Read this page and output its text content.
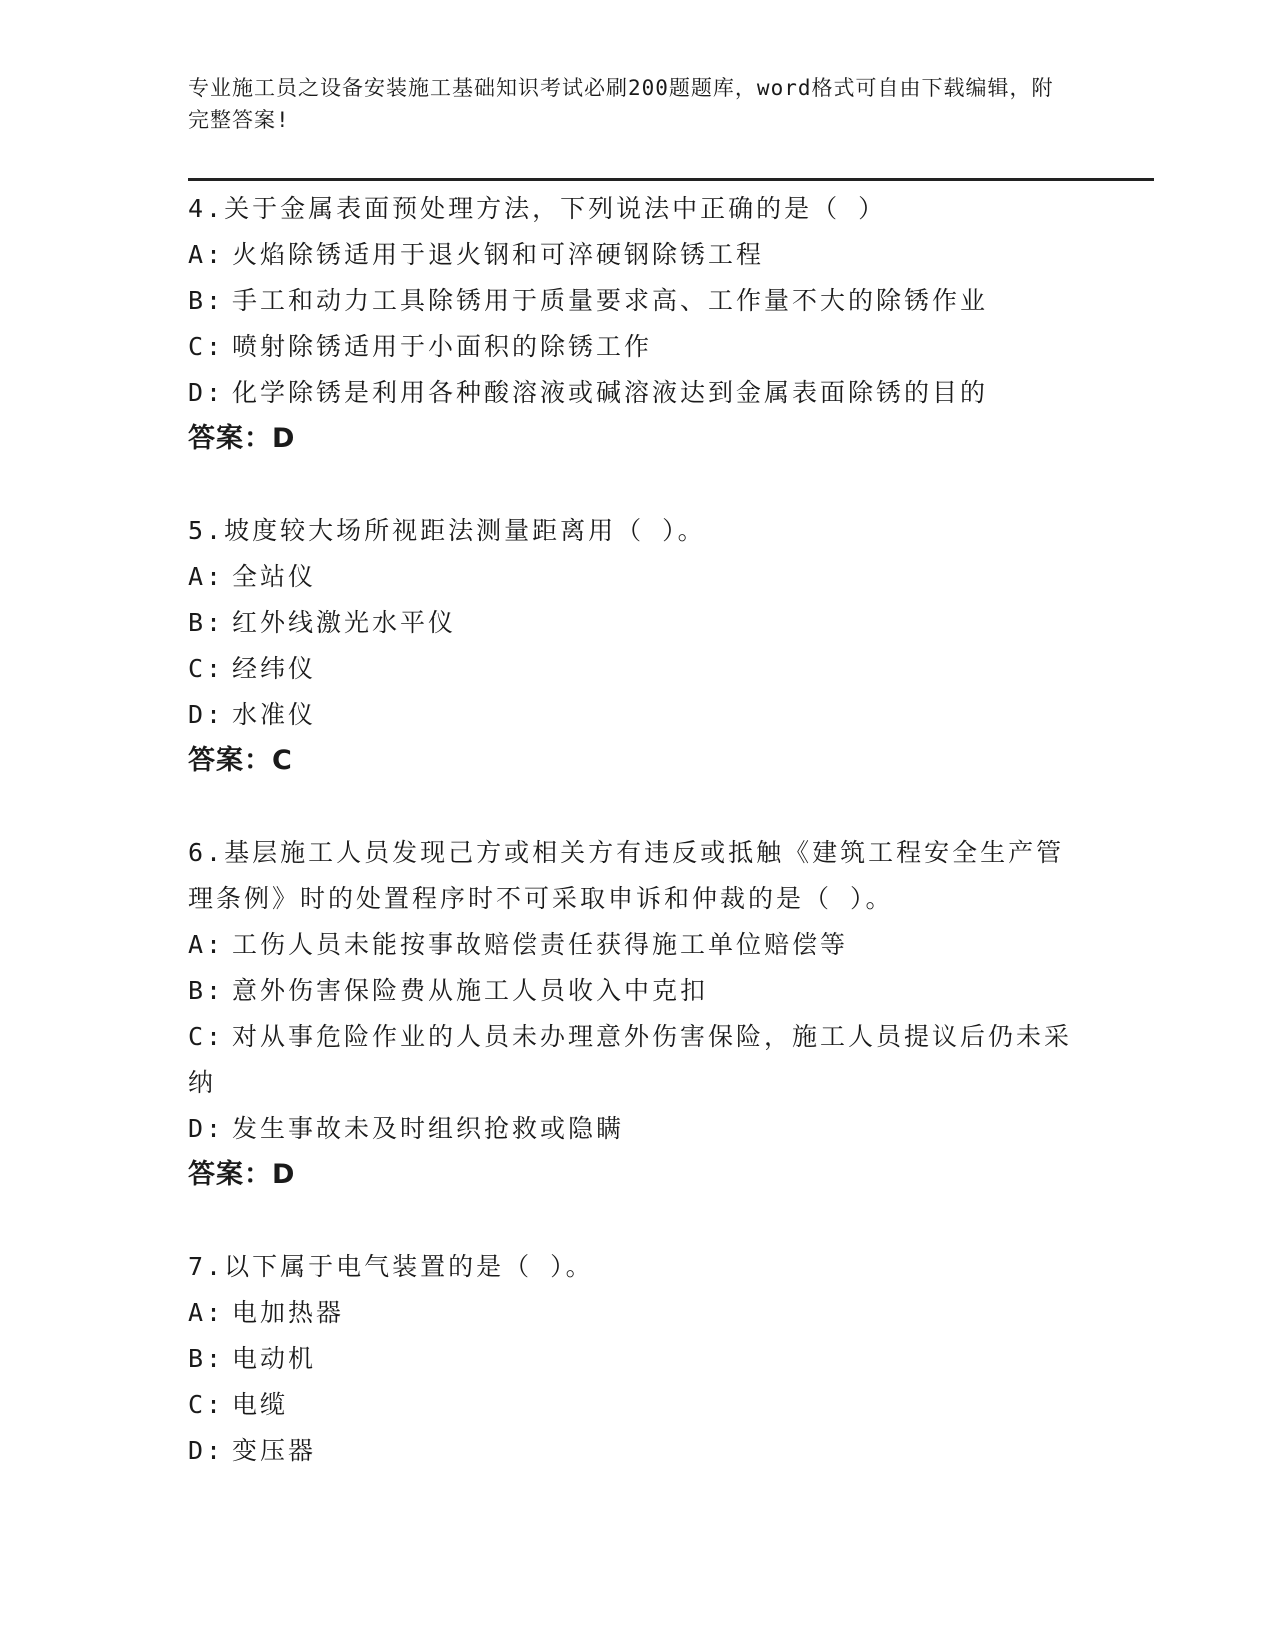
专业施工员之设备安装施工基础知识考试必刷200题题库，word格式可自由下载编辑，附完整答案!
4.关于金属表面预处理方法，下列说法中正确的是（ ）
A: 火焰除锈适用于退火钢和可淬硬钢除锈工程
B: 手工和动力工具除锈用于质量要求高、工作量不大的除锈作业
C: 喷射除锈适用于小面积的除锈工作
D: 化学除锈是利用各种酸溶液或碱溶液达到金属表面除锈的目的
答案：D
5.坡度较大场所视距法测量距离用（ ）。
A: 全站仪
B: 红外线激光水平仪
C: 经纬仪
D: 水准仪
答案：C
6.基层施工人员发现己方或相关方有违反或抵触《建筑工程安全生产管理条例》时的处置程序时不可采取申诉和仲裁的是（ ）。
A: 工伤人员未能按事故赔偿责任获得施工单位赔偿等
B: 意外伤害保险费从施工人员收入中克扣
C: 对从事危险作业的人员未办理意外伤害保险，施工人员提议后仍未采纳
D: 发生事故未及时组织抢救或隐瞒
答案：D
7.以下属于电气装置的是（ ）。
A: 电加热器
B: 电动机
C: 电缆
D: 变压器
